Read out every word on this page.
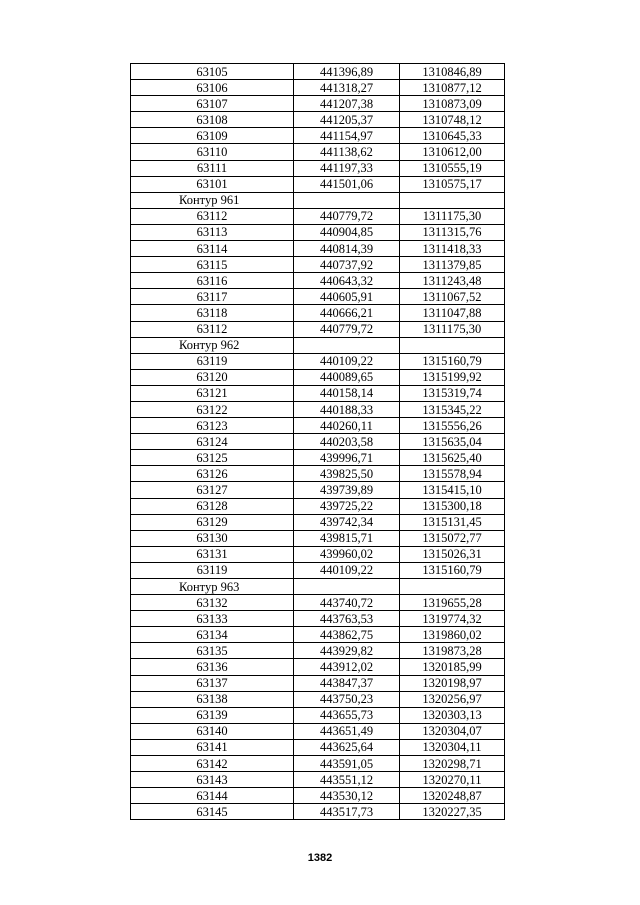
63105	441396,89	1310846,89
63106	441318,27	1310877,12
63107	441207,38	1310873,09
63108	441205,37	1310748,12
63109	441154,97	1310645,33
63110	441138,62	1310612,00
63111	441197,33	1310555,19
63101	441501,06	1310575,17
Контур 961		
63112	440779,72	1311175,30
63113	440904,85	1311315,76
63114	440814,39	1311418,33
63115	440737,92	1311379,85
63116	440643,32	1311243,48
63117	440605,91	1311067,52
63118	440666,21	1311047,88
63112	440779,72	1311175,30
Контур 962		
63119	440109,22	1315160,79
63120	440089,65	1315199,92
63121	440158,14	1315319,74
63122	440188,33	1315345,22
63123	440260,11	1315556,26
63124	440203,58	1315635,04
63125	439996,71	1315625,40
63126	439825,50	1315578,94
63127	439739,89	1315415,10
63128	439725,22	1315300,18
63129	439742,34	1315131,45
63130	439815,71	1315072,77
63131	439960,02	1315026,31
63119	440109,22	1315160,79
Контур 963		
63132	443740,72	1319655,28
63133	443763,53	1319774,32
63134	443862,75	1319860,02
63135	443929,82	1319873,28
63136	443912,02	1320185,99
63137	443847,37	1320198,97
63138	443750,23	1320256,97
63139	443655,73	1320303,13
63140	443651,49	1320304,07
63141	443625,64	1320304,11
63142	443591,05	1320298,71
63143	443551,12	1320270,11
63144	443530,12	1320248,87
63145	443517,73	1320227,35
1382
